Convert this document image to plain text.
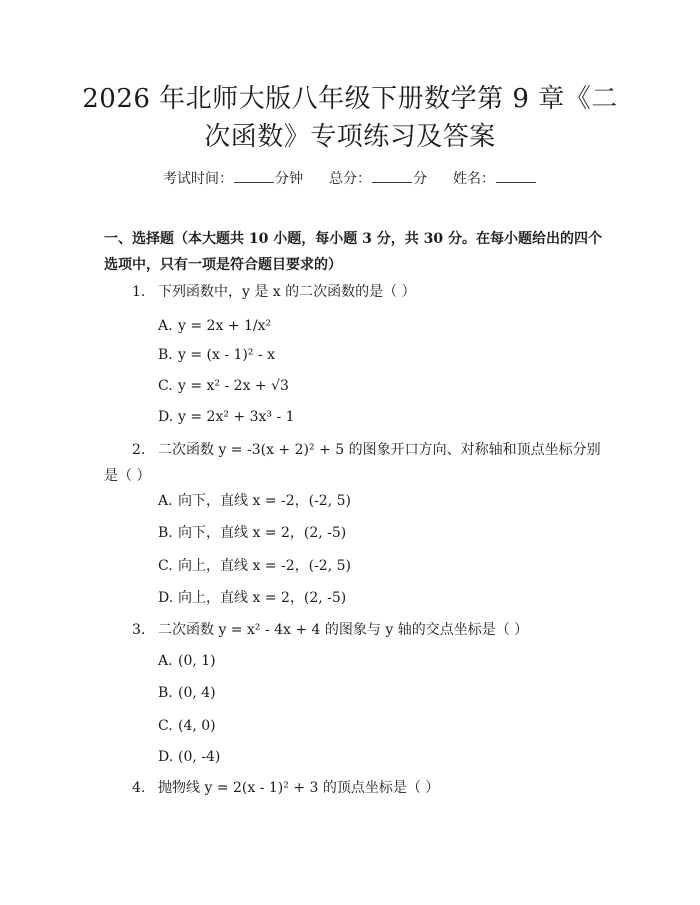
2026 年北师大版八年级下册数学第 9 章《二
次函数》专项练习及答案
考试时间：	分钟 总分：	分 姓名：
一、选择题（本大题共 10 小题，每小题 3 分，共 30 分。在每小题给出的四个选项中，只有一项是符合题目要求的）
1. 下列函数中，y 是 x 的二次函数的是（ ）
A. y = 2x + 1/x²
B. y = (x - 1)² - x
C. y = x² - 2x + √3
D. y = 2x² + 3x³ - 1
2. 二次函数 y = -3(x + 2)² + 5 的图象开口方向、对称轴和顶点坐标分别是（ ）
A. 向下，直线 x = -2，(-2, 5)
B. 向下，直线 x = 2，(2, -5)
C. 向上，直线 x = -2，(-2, 5)
D. 向上，直线 x = 2，(2, -5)
3. 二次函数 y = x² - 4x + 4 的图象与 y 轴的交点坐标是（ ）
A. (0, 1)
B. (0, 4)
C. (4, 0)
D. (0, -4)
4. 抛物线 y = 2(x - 1)² + 3 的顶点坐标是（ ）
